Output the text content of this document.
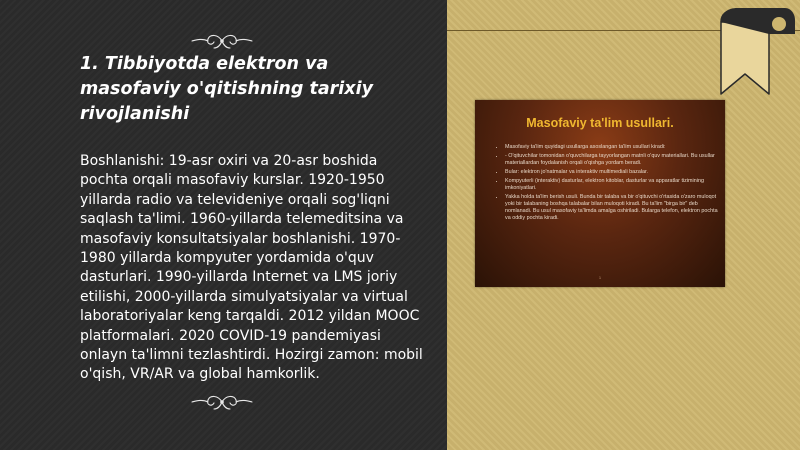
1. Tibbiyotda elektron va masofaviy o'qitishning tarixiy rivojlanishi

Boshlanishi: 19-asr oxiri va 20-asr boshida pochta orqali masofaviy kurslar. 1920-1950 yillarda radio va televideniye orqali sog'liqni saqlash ta'limi. 1960-yillarda telemeditsina va masofaviy konsultatsiyalar boshlanishi. 1970-1980 yillarda kompyuter yordamida o'quv dasturlari. 1990-yillarda Internet va LMS joriy etilishi, 2000-yillarda simulyatsiyalar va virtual laboratoriyalar keng tarqaldi. 2012 yildan MOOC platformalari. 2020 COVID-19 pandemiyasi onlayn ta'limni tezlashtirdi. Hozirgi zamon: mobil o'qish, VR/AR va global hamkorlik.

Masofaviy ta'lim usullari.
• Masofaviy ta'lim quyidagi usullarga asoslangan ta'lim usullari kiradi:
• - O'qituvchilar tomonidan o'quvchilarga tayyorlangan matnli o'quv materiallari. Bu usullar materiallardan foydalanish orqali o'qishga yordam beradi.
• Bular: elektron jo'natmalar va interaktiv multimediali bazalar.
• Kompyuterli (interaktiv) dasturlar, elektron kitoblar, dasturlar va apparatlar tizimining imkoniyatlari.
• Yakka holda ta'lim berish usuli. Bunda bir talaba va bir o'qituvchi o'rtasida o'zaro muloqot yoki bir talabaning boshqa talabalar bilan muloqoti kiradi. Bu ta'lim "birga bir" deb nomlanadi. Bu usul masofaviy ta'limda amalga oshiriladi. Bularga telefon, elektron pochta va oddiy pochta kiradi.
1
